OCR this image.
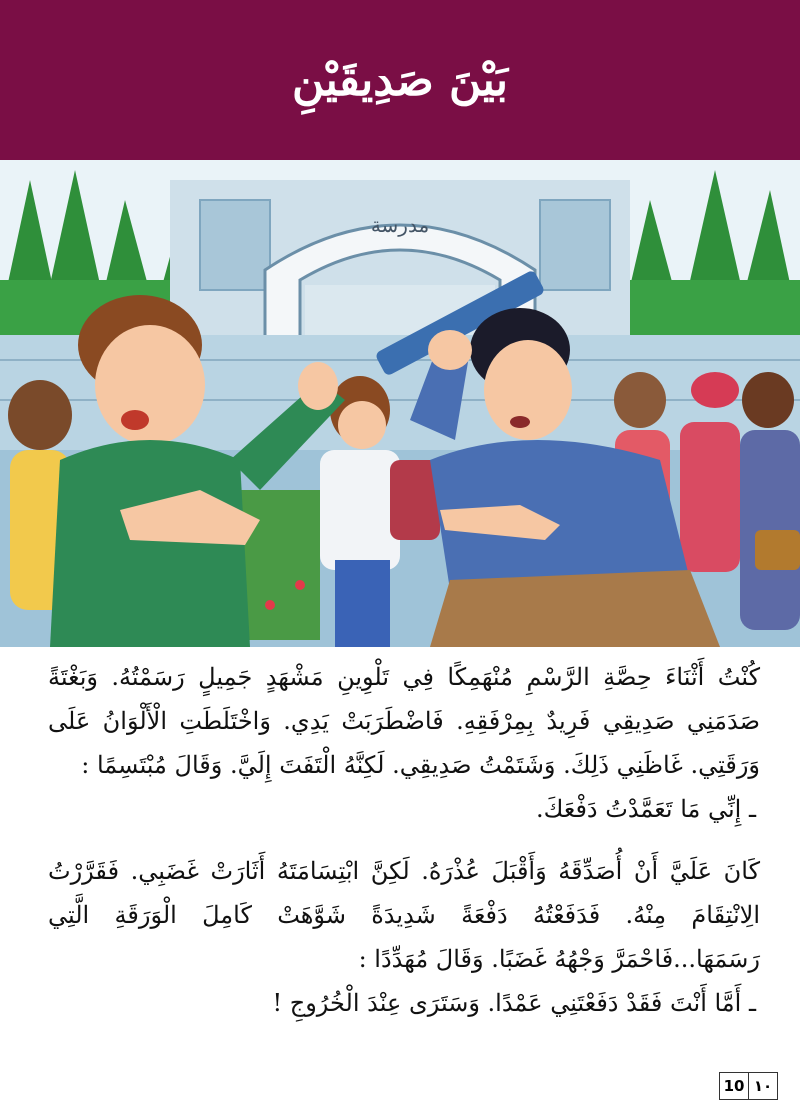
بَيْنَ صَدِيقَيْنِ
مدرسة

كُنْتُ أَثْنَاءَ حِصَّةِ الرَّسْمِ مُنْهَمِكًا فِي تَلْوِينِ مَشْهَدٍ جَمِيلٍ رَسَمْتُهُ. وَبَغْتَةً صَدَمَنِي صَدِيقِي فَرِيدٌ بِمِرْفَقِهِ. فَاضْطَرَبَتْ يَدِي. وَاخْتَلَطَتِ الْأَلْوَانُ عَلَى وَرَقَتِي. غَاظَنِي ذَلِكَ. وَشَتَمْتُ صَدِيقِي. لَكِنَّهُ الْتَفَتَ إِلَيَّ. وَقَالَ مُبْتَسِمًا :

ـ إِنِّي مَا تَعَمَّدْتُ دَفْعَكَ.

كَانَ عَلَيَّ أَنْ أُصَدِّقَهُ وَأَقْبَلَ عُذْرَهُ. لَكِنَّ ابْتِسَامَتَهُ أَثَارَتْ غَضَبِي. فَقَرَّرْتُ الِانْتِقَامَ مِنْهُ. فَدَفَعْتُهُ دَفْعَةً شَدِيدَةً شَوَّهَتْ كَامِلَ الْوَرَقَةِ الَّتِي رَسَمَهَا...فَاحْمَرَّ وَجْهُهُ غَضَبًا. وَقَالَ مُهَدِّدًا :

ـ أَمَّا أَنْتَ فَقَدْ دَفَعْتَنِي عَمْدًا. وَسَتَرَى عِنْدَ الْخُرُوجِ !

10 ١٠
